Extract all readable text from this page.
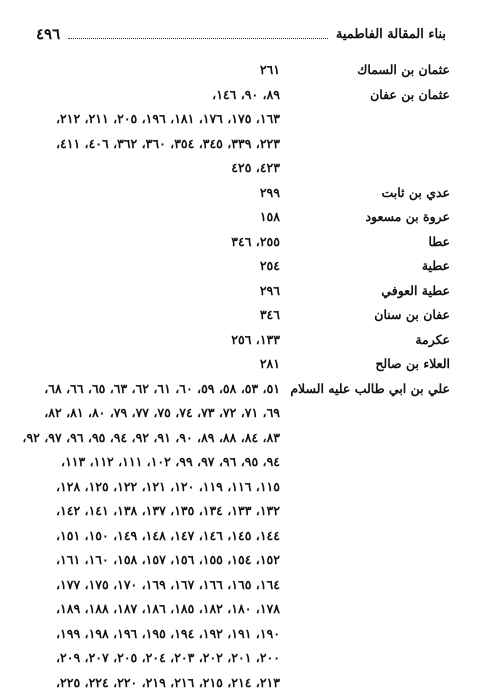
بناء المقالة الفاطمية
٤٩٦
عثمان بن السماك
٢٦١
عثمان بن عفان
٨٩، ٩٠، ١٤٦،
١٦٣، ١٧٥، ١٧٦، ١٨١، ١٩٦، ٢٠٥، ٢١١، ٢١٢،
٢٢٣، ٣٣٩، ٣٤٥، ٣٥٤، ٣٦٠، ٣٦٢، ٤٠٦، ٤١١،
٤٢٣، ٤٢٥
عدي بن ثابت
٢٩٩
عروة بن مسعود
١٥٨
عطا
٢٥٥، ٣٤٦
عطية
٢٥٤
عطية العوفي
٢٩٦
عفان بن سنان
٣٤٦
عكرمة
١٣٣، ٢٥٦
العلاء بن صالح
٢٨١
علي بن ابي طالب عليه السلام
٥١، ٥٣، ٥٨، ٥٩، ٦٠، ٦١، ٦٢، ٦٣، ٦٥، ٦٦، ٦٨،
٦٩، ٧١، ٧٢، ٧٣، ٧٤، ٧٥، ٧٧، ٧٩، ٨٠، ٨١، ٨٢،
٨٣، ٨٤، ٨٨، ٨٩، ٩٠، ٩١، ٩٢، ٩٤، ٩٥، ٩٦، ٩٧، ٩٢،
٩٤، ٩٥، ٩٦، ٩٧، ٩٩، ١٠٢، ١١١، ١١٢، ١١٣،
١١٥، ١١٦، ١١٩، ١٢٠، ١٢١، ١٢٢، ١٢٥، ١٢٨،
١٣٢، ١٣٣، ١٣٤، ١٣٥، ١٣٧، ١٣٨، ١٤١، ١٤٢،
١٤٤، ١٤٥، ١٤٦، ١٤٧، ١٤٨، ١٤٩، ١٥٠، ١٥١،
١٥٢، ١٥٤، ١٥٥، ١٥٦، ١٥٧، ١٥٨، ١٦٠، ١٦١،
١٦٤، ١٦٥، ١٦٦، ١٦٧، ١٦٩، ١٧٠، ١٧٥، ١٧٧،
١٧٨، ١٨٠، ١٨٢، ١٨٥، ١٨٦، ١٨٧، ١٨٨، ١٨٩،
١٩٠، ١٩١، ١٩٢، ١٩٤، ١٩٥، ١٩٦، ١٩٨، ١٩٩،
٢٠٠، ٢٠١، ٢٠٢، ٢٠٣، ٢٠٤، ٢٠٥، ٢٠٧، ٢٠٩،
٢١٣، ٢١٤، ٢١٥، ٢١٦، ٢١٩، ٢٢٠، ٢٢٤، ٢٢٥،
